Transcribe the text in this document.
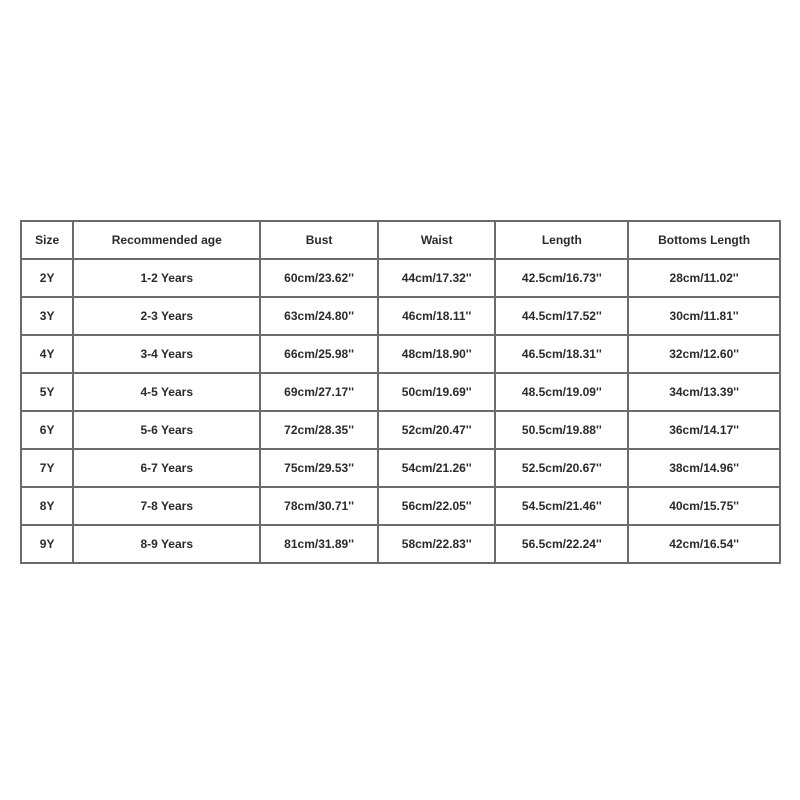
Size	Recommended age	Bust	Waist	Length	Bottoms Length
2Y	1-2 Years	60cm/23.62''	44cm/17.32''	42.5cm/16.73''	28cm/11.02''
3Y	2-3 Years	63cm/24.80''	46cm/18.11''	44.5cm/17.52''	30cm/11.81''
4Y	3-4 Years	66cm/25.98''	48cm/18.90''	46.5cm/18.31''	32cm/12.60''
5Y	4-5 Years	69cm/27.17''	50cm/19.69''	48.5cm/19.09''	34cm/13.39''
6Y	5-6 Years	72cm/28.35''	52cm/20.47''	50.5cm/19.88''	36cm/14.17''
7Y	6-7 Years	75cm/29.53''	54cm/21.26''	52.5cm/20.67''	38cm/14.96''
8Y	7-8 Years	78cm/30.71''	56cm/22.05''	54.5cm/21.46''	40cm/15.75''
9Y	8-9 Years	81cm/31.89''	58cm/22.83''	56.5cm/22.24''	42cm/16.54''
